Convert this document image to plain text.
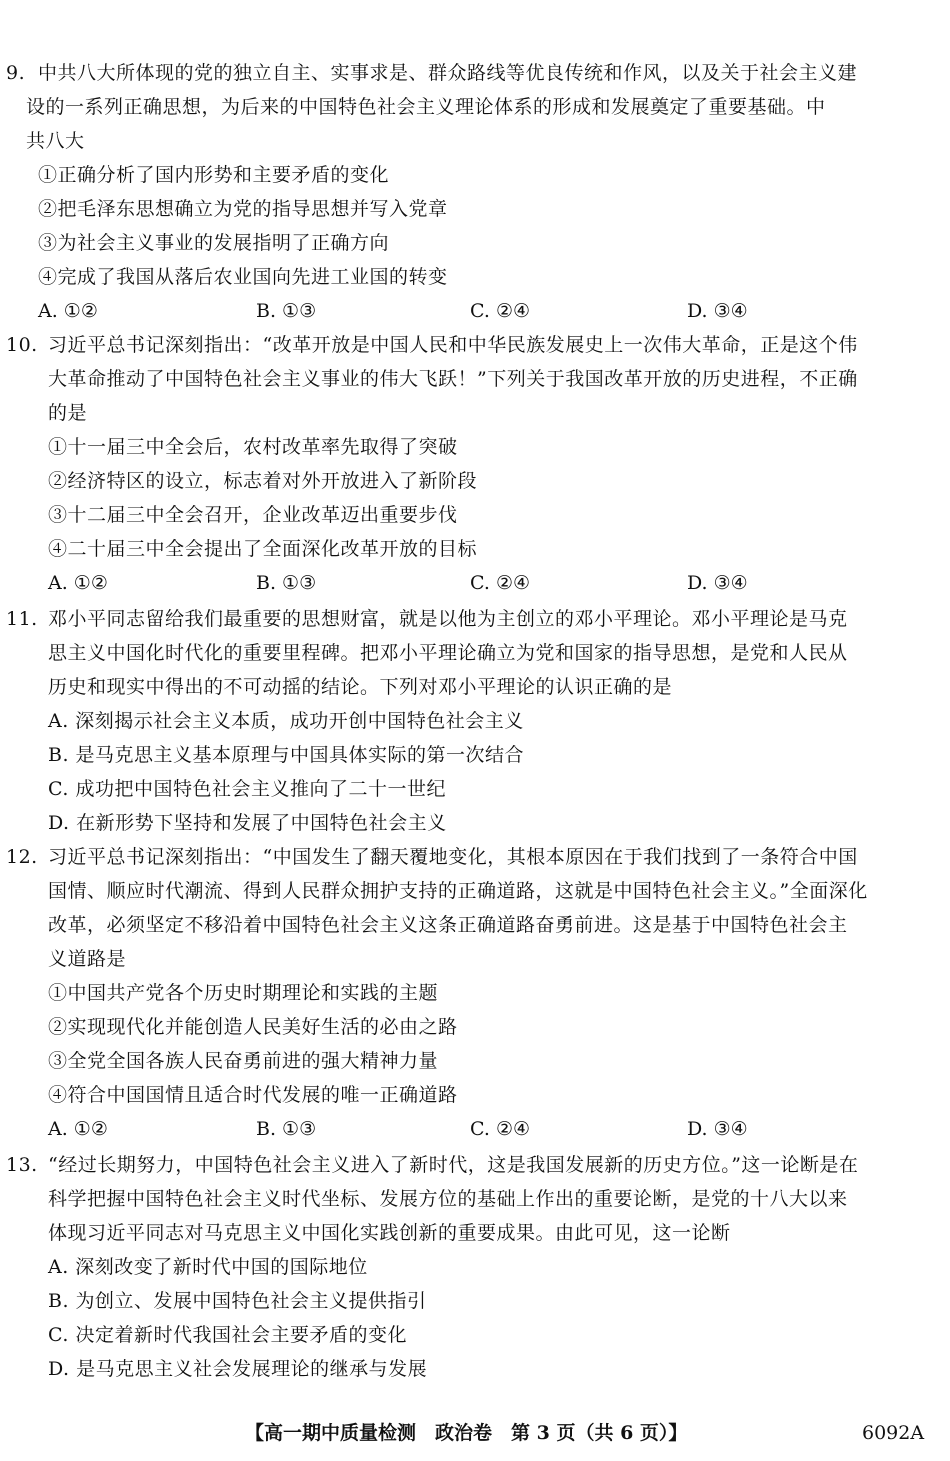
9. 中共八大所体现的党的独立自主、实事求是、群众路线等优良传统和作风，以及关于社会主义建
设的一系列正确思想，为后来的中国特色社会主义理论体系的形成和发展奠定了重要基础。中
共八大
①正确分析了国内形势和主要矛盾的变化
②把毛泽东思想确立为党的指导思想并写入党章
③为社会主义事业的发展指明了正确方向
④完成了我国从落后农业国向先进工业国的转变
A. ①②	B. ①③	C. ②④	D. ③④
10. 习近平总书记深刻指出：“改革开放是中国人民和中华民族发展史上一次伟大革命，正是这个伟
大革命推动了中国特色社会主义事业的伟大飞跃！”下列关于我国改革开放的历史进程，不正确
的是
①十一届三中全会后，农村改革率先取得了突破
②经济特区的设立，标志着对外开放进入了新阶段
③十二届三中全会召开，企业改革迈出重要步伐
④二十届三中全会提出了全面深化改革开放的目标
A. ①②	B. ①③	C. ②④	D. ③④
11. 邓小平同志留给我们最重要的思想财富，就是以他为主创立的邓小平理论。邓小平理论是马克
思主义中国化时代化的重要里程碑。把邓小平理论确立为党和国家的指导思想，是党和人民从
历史和现实中得出的不可动摇的结论。下列对邓小平理论的认识正确的是
A. 深刻揭示社会主义本质，成功开创中国特色社会主义
B. 是马克思主义基本原理与中国具体实际的第一次结合
C. 成功把中国特色社会主义推向了二十一世纪
D. 在新形势下坚持和发展了中国特色社会主义
12. 习近平总书记深刻指出：“中国发生了翻天覆地变化，其根本原因在于我们找到了一条符合中国
国情、顺应时代潮流、得到人民群众拥护支持的正确道路，这就是中国特色社会主义。”全面深化
改革，必须坚定不移沿着中国特色社会主义这条正确道路奋勇前进。这是基于中国特色社会主
义道路是
①中国共产党各个历史时期理论和实践的主题
②实现现代化并能创造人民美好生活的必由之路
③全党全国各族人民奋勇前进的强大精神力量
④符合中国国情且适合时代发展的唯一正确道路
A. ①②	B. ①③	C. ②④	D. ③④
13. “经过长期努力，中国特色社会主义进入了新时代，这是我国发展新的历史方位。”这一论断是在
科学把握中国特色社会主义时代坐标、发展方位的基础上作出的重要论断，是党的十八大以来
体现习近平同志对马克思主义中国化实践创新的重要成果。由此可见，这一论断
A. 深刻改变了新时代中国的国际地位
B. 为创立、发展中国特色社会主义提供指引
C. 决定着新时代我国社会主要矛盾的变化
D. 是马克思主义社会发展理论的继承与发展
【高一期中质量检测　政治卷　第 3 页（共 6 页）】	6092A
